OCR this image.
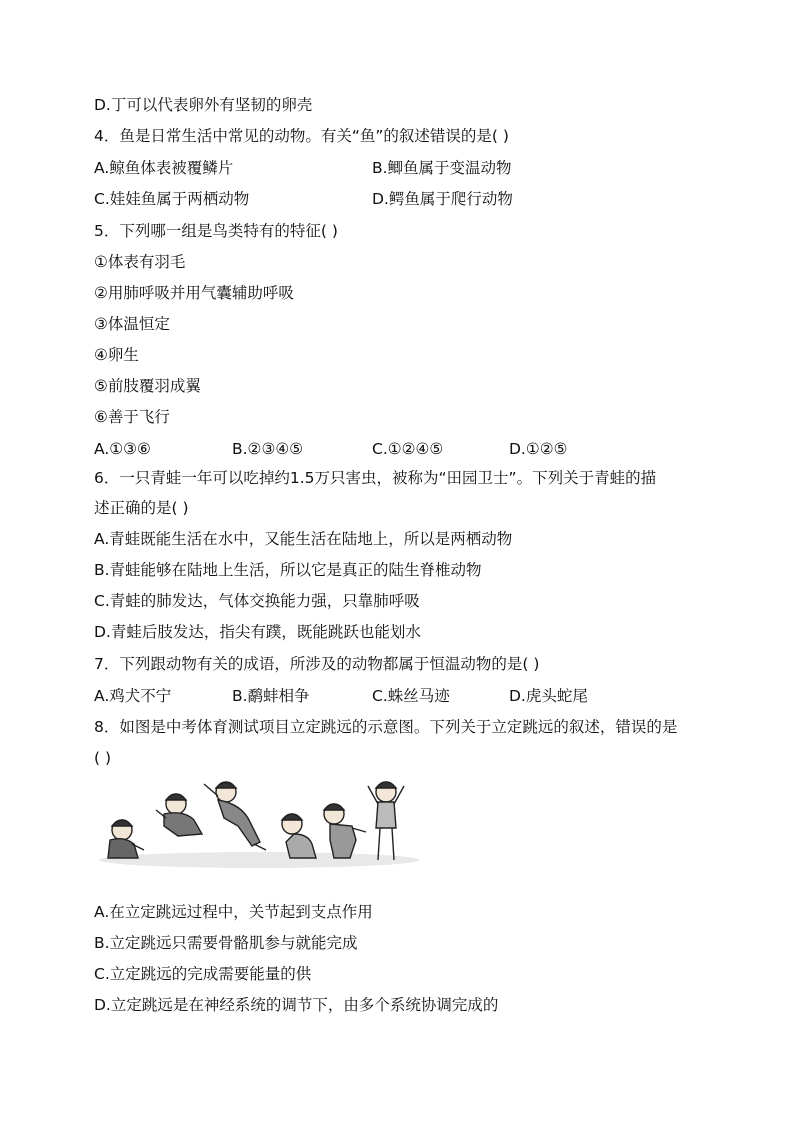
D.丁可以代表卵外有坚韧的卵壳
4．鱼是日常生活中常见的动物。有关“鱼”的叙述错误的是( )
A.鲸鱼体表被覆鳞片	B.鲫鱼属于变温动物
C.娃娃鱼属于两栖动物	D.鳄鱼属于爬行动物
5．下列哪一组是鸟类特有的特征( )
①体表有羽毛
②用肺呼吸并用气囊辅助呼吸
③体温恒定
④卵生
⑤前肢覆羽成翼
⑥善于飞行
A.①③⑥	B.②③④⑤	C.①②④⑤	D.①②⑤
6．一只青蛙一年可以吃掉约1.5万只害虫，被称为“田园卫士”。下列关于青蛙的描
述正确的是( )
A.青蛙既能生活在水中，又能生活在陆地上，所以是两栖动物
B.青蛙能够在陆地上生活，所以它是真正的陆生脊椎动物
C.青蛙的肺发达，气体交换能力强，只靠肺呼吸
D.青蛙后肢发达，指尖有蹼，既能跳跃也能划水
7．下列跟动物有关的成语，所涉及的动物都属于恒温动物的是( )
A.鸡犬不宁	B.鹬蚌相争	C.蛛丝马迹	D.虎头蛇尾
8．如图是中考体育测试项目立定跳远的示意图。下列关于立定跳远的叙述，错误的是
( )
A.在立定跳远过程中，关节起到支点作用
B.立定跳远只需要骨骼肌参与就能完成
C.立定跳远的完成需要能量的供
D.立定跳远是在神经系统的调节下，由多个系统协调完成的
